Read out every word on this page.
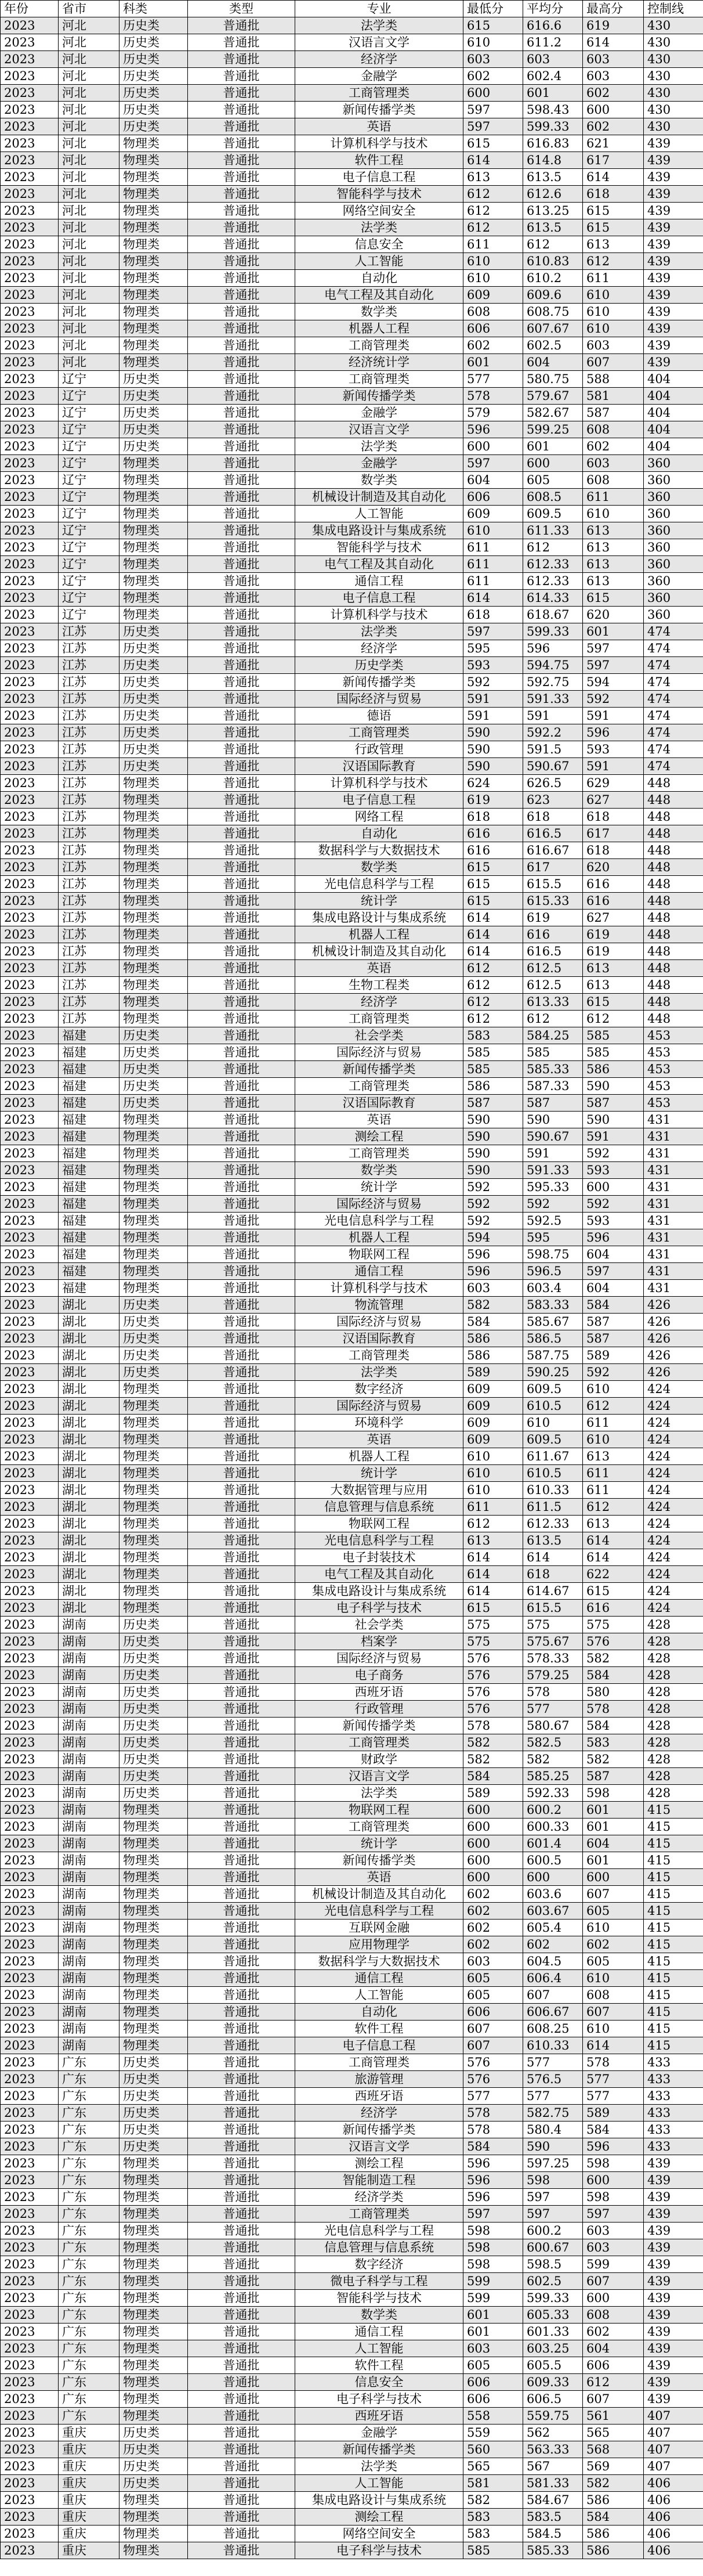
年份	省市	科类	类型	专业	最低分	平均分	最高分	控制线
2023	河北	历史类	普通批	法学类	615	616.6	619	430
2023	河北	历史类	普通批	汉语言文学	610	611.2	614	430
2023	河北	历史类	普通批	经济学	603	603	603	430
2023	河北	历史类	普通批	金融学	602	602.4	603	430
2023	河北	历史类	普通批	工商管理类	600	601	602	430
2023	河北	历史类	普通批	新闻传播学类	597	598.43	600	430
2023	河北	历史类	普通批	英语	597	599.33	602	430
2023	河北	物理类	普通批	计算机科学与技术	615	616.83	621	439
2023	河北	物理类	普通批	软件工程	614	614.8	617	439
2023	河北	物理类	普通批	电子信息工程	613	613.5	614	439
2023	河北	物理类	普通批	智能科学与技术	612	612.6	618	439
2023	河北	物理类	普通批	网络空间安全	612	613.25	615	439
2023	河北	物理类	普通批	法学类	612	613.5	615	439
2023	河北	物理类	普通批	信息安全	611	612	613	439
2023	河北	物理类	普通批	人工智能	610	610.83	612	439
2023	河北	物理类	普通批	自动化	610	610.2	611	439
2023	河北	物理类	普通批	电气工程及其自动化	609	609.6	610	439
2023	河北	物理类	普通批	数学类	608	608.75	610	439
2023	河北	物理类	普通批	机器人工程	606	607.67	610	439
2023	河北	物理类	普通批	工商管理类	602	602.5	603	439
2023	河北	物理类	普通批	经济统计学	601	604	607	439
2023	辽宁	历史类	普通批	工商管理类	577	580.75	588	404
2023	辽宁	历史类	普通批	新闻传播学类	578	579.67	581	404
2023	辽宁	历史类	普通批	金融学	579	582.67	587	404
2023	辽宁	历史类	普通批	汉语言文学	596	599.25	608	404
2023	辽宁	历史类	普通批	法学类	600	601	602	404
2023	辽宁	物理类	普通批	金融学	597	600	603	360
2023	辽宁	物理类	普通批	数学类	604	605	608	360
2023	辽宁	物理类	普通批	机械设计制造及其自动化	606	608.5	611	360
2023	辽宁	物理类	普通批	人工智能	609	609.5	610	360
2023	辽宁	物理类	普通批	集成电路设计与集成系统	610	611.33	613	360
2023	辽宁	物理类	普通批	智能科学与技术	611	612	613	360
2023	辽宁	物理类	普通批	电气工程及其自动化	611	612.33	613	360
2023	辽宁	物理类	普通批	通信工程	611	612.33	613	360
2023	辽宁	物理类	普通批	电子信息工程	614	614.33	615	360
2023	辽宁	物理类	普通批	计算机科学与技术	618	618.67	620	360
2023	江苏	历史类	普通批	法学类	597	599.33	601	474
2023	江苏	历史类	普通批	经济学	595	596	597	474
2023	江苏	历史类	普通批	历史学类	593	594.75	597	474
2023	江苏	历史类	普通批	新闻传播学类	592	592.75	594	474
2023	江苏	历史类	普通批	国际经济与贸易	591	591.33	592	474
2023	江苏	历史类	普通批	德语	591	591	591	474
2023	江苏	历史类	普通批	工商管理类	590	592.2	596	474
2023	江苏	历史类	普通批	行政管理	590	591.5	593	474
2023	江苏	历史类	普通批	汉语国际教育	590	590.67	591	474
2023	江苏	物理类	普通批	计算机科学与技术	624	626.5	629	448
2023	江苏	物理类	普通批	电子信息工程	619	623	627	448
2023	江苏	物理类	普通批	网络工程	618	618	618	448
2023	江苏	物理类	普通批	自动化	616	616.5	617	448
2023	江苏	物理类	普通批	数据科学与大数据技术	616	616.67	618	448
2023	江苏	物理类	普通批	数学类	615	617	620	448
2023	江苏	物理类	普通批	光电信息科学与工程	615	615.5	616	448
2023	江苏	物理类	普通批	统计学	615	615.33	616	448
2023	江苏	物理类	普通批	集成电路设计与集成系统	614	619	627	448
2023	江苏	物理类	普通批	机器人工程	614	616	619	448
2023	江苏	物理类	普通批	机械设计制造及其自动化	614	616.5	619	448
2023	江苏	物理类	普通批	英语	612	612.5	613	448
2023	江苏	物理类	普通批	生物工程类	612	612.5	613	448
2023	江苏	物理类	普通批	经济学	612	613.33	615	448
2023	江苏	物理类	普通批	工商管理类	612	612	612	448
2023	福建	历史类	普通批	社会学类	583	584.25	585	453
2023	福建	历史类	普通批	国际经济与贸易	585	585	585	453
2023	福建	历史类	普通批	新闻传播学类	585	585.33	586	453
2023	福建	历史类	普通批	工商管理类	586	587.33	590	453
2023	福建	历史类	普通批	汉语国际教育	587	587	587	453
2023	福建	物理类	普通批	英语	590	590	590	431
2023	福建	物理类	普通批	测绘工程	590	590.67	591	431
2023	福建	物理类	普通批	工商管理类	590	591	592	431
2023	福建	物理类	普通批	数学类	590	591.33	593	431
2023	福建	物理类	普通批	统计学	592	595.33	600	431
2023	福建	物理类	普通批	国际经济与贸易	592	592	592	431
2023	福建	物理类	普通批	光电信息科学与工程	592	592.5	593	431
2023	福建	物理类	普通批	机器人工程	594	595	596	431
2023	福建	物理类	普通批	物联网工程	596	598.75	604	431
2023	福建	物理类	普通批	通信工程	596	596.5	597	431
2023	福建	物理类	普通批	计算机科学与技术	603	603.4	604	431
2023	湖北	历史类	普通批	物流管理	582	583.33	584	426
2023	湖北	历史类	普通批	国际经济与贸易	584	585.67	587	426
2023	湖北	历史类	普通批	汉语国际教育	586	586.5	587	426
2023	湖北	历史类	普通批	工商管理类	586	587.75	589	426
2023	湖北	历史类	普通批	法学类	589	590.25	592	426
2023	湖北	物理类	普通批	数字经济	609	609.5	610	424
2023	湖北	物理类	普通批	国际经济与贸易	609	610.5	612	424
2023	湖北	物理类	普通批	环境科学	609	610	611	424
2023	湖北	物理类	普通批	英语	609	609.5	610	424
2023	湖北	物理类	普通批	机器人工程	610	611.67	613	424
2023	湖北	物理类	普通批	统计学	610	610.5	611	424
2023	湖北	物理类	普通批	大数据管理与应用	610	610.33	611	424
2023	湖北	物理类	普通批	信息管理与信息系统	611	611.5	612	424
2023	湖北	物理类	普通批	物联网工程	612	612.33	613	424
2023	湖北	物理类	普通批	光电信息科学与工程	613	613.5	614	424
2023	湖北	物理类	普通批	电子封装技术	614	614	614	424
2023	湖北	物理类	普通批	电气工程及其自动化	614	618	622	424
2023	湖北	物理类	普通批	集成电路设计与集成系统	614	614.67	615	424
2023	湖北	物理类	普通批	电子科学与技术	615	615.5	616	424
2023	湖南	历史类	普通批	社会学类	575	575	575	428
2023	湖南	历史类	普通批	档案学	575	575.67	576	428
2023	湖南	历史类	普通批	国际经济与贸易	576	578.33	582	428
2023	湖南	历史类	普通批	电子商务	576	579.25	584	428
2023	湖南	历史类	普通批	西班牙语	576	578	580	428
2023	湖南	历史类	普通批	行政管理	576	577	578	428
2023	湖南	历史类	普通批	新闻传播学类	578	580.67	584	428
2023	湖南	历史类	普通批	工商管理类	582	582.5	583	428
2023	湖南	历史类	普通批	财政学	582	582	582	428
2023	湖南	历史类	普通批	汉语言文学	584	585.25	587	428
2023	湖南	历史类	普通批	法学类	589	592.33	598	428
2023	湖南	物理类	普通批	物联网工程	600	600.2	601	415
2023	湖南	物理类	普通批	工商管理类	600	600.33	601	415
2023	湖南	物理类	普通批	统计学	600	601.4	604	415
2023	湖南	物理类	普通批	新闻传播学类	600	600.5	601	415
2023	湖南	物理类	普通批	英语	600	600	600	415
2023	湖南	物理类	普通批	机械设计制造及其自动化	602	603.6	607	415
2023	湖南	物理类	普通批	光电信息科学与工程	602	603.67	605	415
2023	湖南	物理类	普通批	互联网金融	602	605.4	610	415
2023	湖南	物理类	普通批	应用物理学	602	602	602	415
2023	湖南	物理类	普通批	数据科学与大数据技术	603	604.5	605	415
2023	湖南	物理类	普通批	通信工程	605	606.4	610	415
2023	湖南	物理类	普通批	人工智能	605	607	608	415
2023	湖南	物理类	普通批	自动化	606	606.67	607	415
2023	湖南	物理类	普通批	软件工程	607	608.25	610	415
2023	湖南	物理类	普通批	电子信息工程	607	610.33	614	415
2023	广东	历史类	普通批	工商管理类	576	577	578	433
2023	广东	历史类	普通批	旅游管理	576	576.5	577	433
2023	广东	历史类	普通批	西班牙语	577	577	577	433
2023	广东	历史类	普通批	经济学	578	582.75	589	433
2023	广东	历史类	普通批	新闻传播学类	578	580.4	584	433
2023	广东	历史类	普通批	汉语言文学	584	590	596	433
2023	广东	物理类	普通批	测绘工程	596	597.25	598	439
2023	广东	物理类	普通批	智能制造工程	596	598	600	439
2023	广东	物理类	普通批	经济学类	596	597	598	439
2023	广东	物理类	普通批	工商管理类	597	597	597	439
2023	广东	物理类	普通批	光电信息科学与工程	598	600.2	603	439
2023	广东	物理类	普通批	信息管理与信息系统	598	600.67	603	439
2023	广东	物理类	普通批	数字经济	598	598.5	599	439
2023	广东	物理类	普通批	微电子科学与工程	599	602.5	607	439
2023	广东	物理类	普通批	智能科学与技术	599	599.33	600	439
2023	广东	物理类	普通批	数学类	601	605.33	608	439
2023	广东	物理类	普通批	通信工程	601	601.33	602	439
2023	广东	物理类	普通批	人工智能	603	603.25	604	439
2023	广东	物理类	普通批	软件工程	605	605.5	606	439
2023	广东	物理类	普通批	信息安全	606	609.33	612	439
2023	广东	物理类	普通批	电子科学与技术	606	606.5	607	439
2023	广东	物理类	普通批	西班牙语	558	559.75	561	407
2023	重庆	历史类	普通批	金融学	559	562	565	407
2023	重庆	历史类	普通批	新闻传播学类	560	563.33	568	407
2023	重庆	历史类	普通批	法学类	565	567	569	407
2023	重庆	历史类	普通批	人工智能	581	581.33	582	406
2023	重庆	物理类	普通批	集成电路设计与集成系统	582	584.67	586	406
2023	重庆	物理类	普通批	测绘工程	583	583.5	584	406
2023	重庆	物理类	普通批	网络空间安全	583	584.5	586	406
2023	重庆	物理类	普通批	电子科学与技术	585	585.33	586	406
